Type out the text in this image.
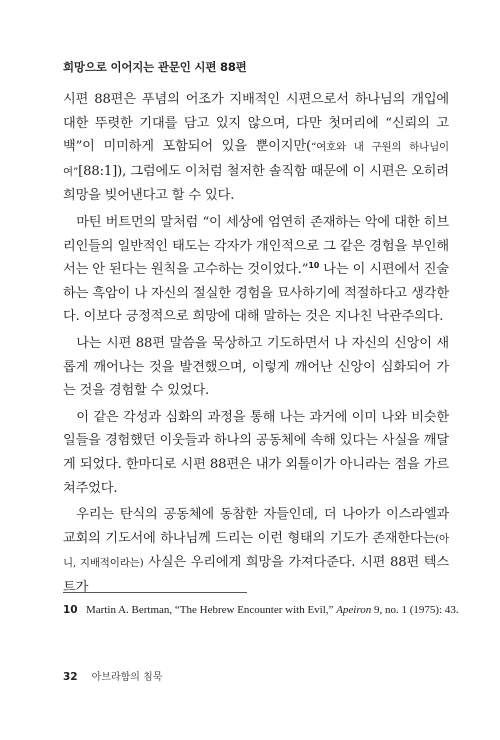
희망으로 이어지는 관문인 시편 88편

시편 88편은 푸념의 어조가 지배적인 시편으로서 하나님의 개입에 대한 뚜렷한 기대를 담고 있지 않으며, 다만 첫머리에 “신뢰의 고백”이 미미하게 포함되어 있을 뿐이지만(“여호와 내 구원의 하나님이여”[88:1]), 그럼에도 이처럼 철저한 솔직함 때문에 이 시편은 오히려 희망을 빚어낸다고 할 수 있다.

마틴 버트먼의 말처럼 “이 세상에 엄연히 존재하는 악에 대한 히브리인들의 일반적인 태도는 각자가 개인적으로 그 같은 경험을 부인해서는 안 된다는 원칙을 고수하는 것이었다.”$^{10}$ 나는 이 시편에서 진술하는 흑암이 나 자신의 절실한 경험을 묘사하기에 적절하다고 생각한다. 이보다 긍정적으로 희망에 대해 말하는 것은 지나친 낙관주의다.

나는 시편 88편 말씀을 묵상하고 기도하면서 나 자신의 신앙이 새롭게 깨어나는 것을 발견했으며, 이렇게 깨어난 신앙이 심화되어 가는 것을 경험할 수 있었다.

이 같은 각성과 심화의 과정을 통해 나는 과거에 이미 나와 비슷한 일들을 경험했던 이웃들과 하나의 공동체에 속해 있다는 사실을 깨달게 되었다. 한마디로 시편 88편은 내가 외톨이가 아니라는 점을 가르쳐주었다.

우리는 탄식의 공동체에 동참한 자들인데, 더 나아가 이스라엘과 교회의 기도서에 하나님께 드리는 이런 형태의 기도가 존재한다는(아니, 지배적이라는) 사실은 우리에게 희망을 가져다준다. 시편 88편 텍스트가

10 Martin A. Bertman, “The Hebrew Encounter with Evil,” Apeiron 9, no. 1 (1975): 43.
32 아브라함의 침묵
